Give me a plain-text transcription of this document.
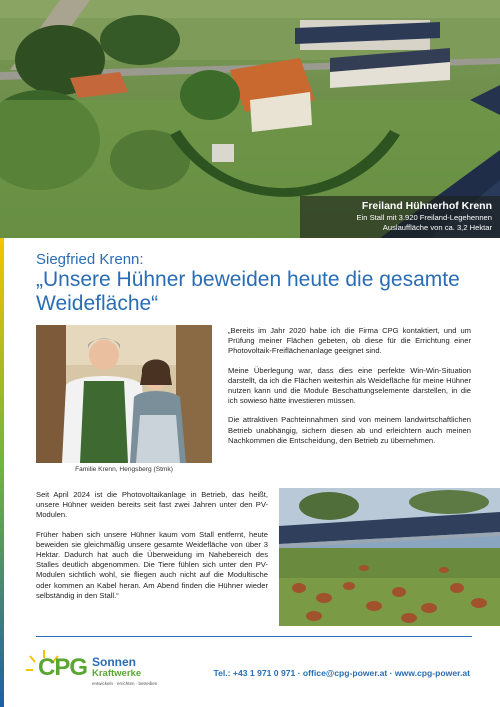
Freiland Hühnerhof Krenn
Ein Stall mit 3.920 Freiland-Legehennen
Auslauffläche von ca. 3,2 Hektar
Siegfried Krenn:
„Unsere Hühner beweiden heute die gesamte Weidefläche“
Familie Krenn, Hengsberg (Stmk)

„Bereits im Jahr 2020 habe ich die Firma CPG kontaktiert, und um Prüfung meiner Flächen gebeten, ob diese für die Errichtung einer Photovoltaik-Freiflächenanlage geeignet sind.

Meine Überlegung war, dass dies eine perfekte Win-Win-Situation darstellt, da ich die Flächen weiterhin als Weidefläche für meine Hühner nutzen kann und die Module Beschattungselemente darstellen, in die ich sowieso hätte investieren müssen.

Die attraktiven Pachteinnahmen sind von meinem landwirtschaftlichen Betrieb unabhängig, sichern diesen ab und erleichtern auch meinen Nachkommen die Entscheidung, den Betrieb zu übernehmen.

Seit April 2024 ist die Photovoltaikanlage in Betrieb, das heißt, unsere Hühner weiden bereits seit fast zwei Jahren unter den PV-Modulen.

Früher haben sich unsere Hühner kaum vom Stall entfernt, heute beweiden sie gleichmäßig unsere gesamte Weidefläche von über 3 Hektar. Dadurch hat auch die Überweidung im Nahebereich des Stalles deutlich abgenommen. Die Tiere fühlen sich unter den PV-Modulen sichtlich wohl, sie fliegen auch nicht auf die Modultische oder kommen an Kabel heran. Am Abend finden die Hühner wieder selbständig in den Stall.“

CPG Sonnen
Kraftwerke
entwickeln · errichten · betreiben
Tel.: +43 1 971 0 971 · office@cpg-power.at · www.cpg-power.at
